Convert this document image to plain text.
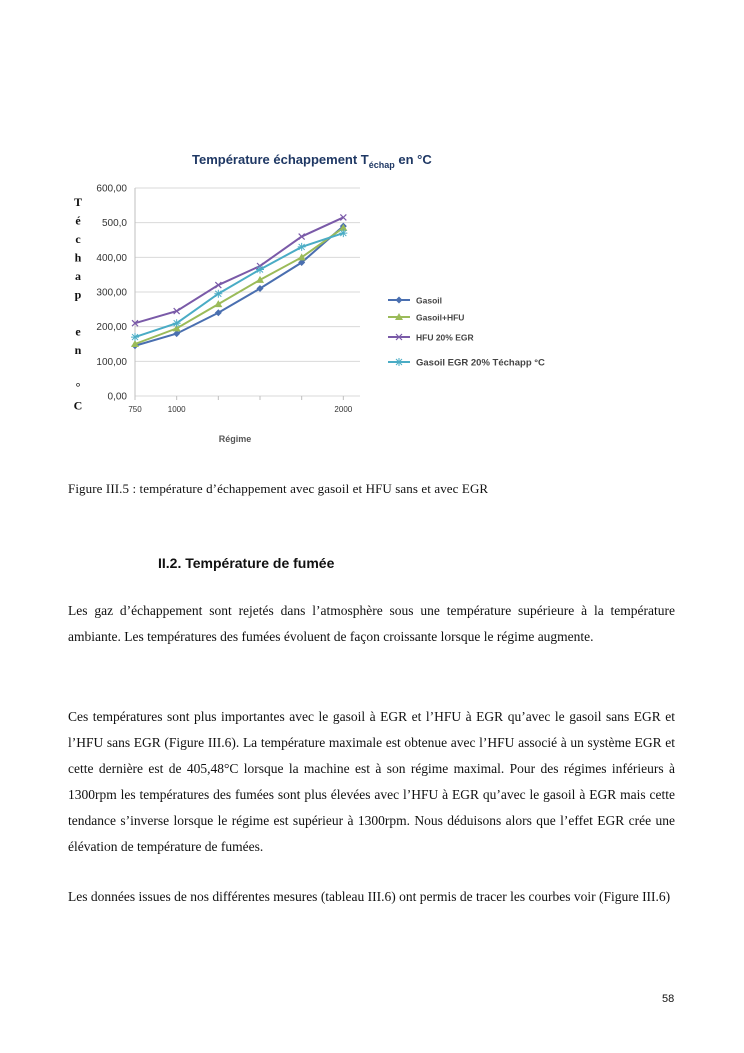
Température échappement $T_{échap}$ en °C
T
é
c
h
a
p
e
n
°
C
600,00
500,0
400,00
300,00
200,00
100,00
0,00
750	1000	2000
Gasoil
Gasoil+HFU
HFU 20% EGR
Gasoil EGR 20% Téchapp °C
Régime
Figure III.5 : température d’échappement avec gasoil et HFU sans et avec EGR
II.2. Température de fumée
Les gaz d’échappement sont rejetés dans l’atmosphère sous une température supérieure à la température ambiante. Les températures des fumées évoluent de façon croissante lorsque le régime augmente.
Ces températures sont plus importantes avec le gasoil à EGR et l’HFU à EGR qu’avec le gasoil sans EGR et l’HFU sans EGR (Figure III.6). La température maximale est obtenue avec l’HFU associé à un système EGR et cette dernière est de 405,48°C lorsque la machine est à son régime maximal. Pour des régimes inférieurs à 1300rpm les températures des fumées sont plus élevées avec l’HFU à EGR qu’avec le gasoil à EGR mais cette tendance s’inverse lorsque le régime est supérieur à 1300rpm. Nous déduisons alors que l’effet EGR crée une élévation de température de fumées.
Les données issues de nos différentes mesures (tableau III.6) ont permis de tracer les courbes voir (Figure III.6)
58
